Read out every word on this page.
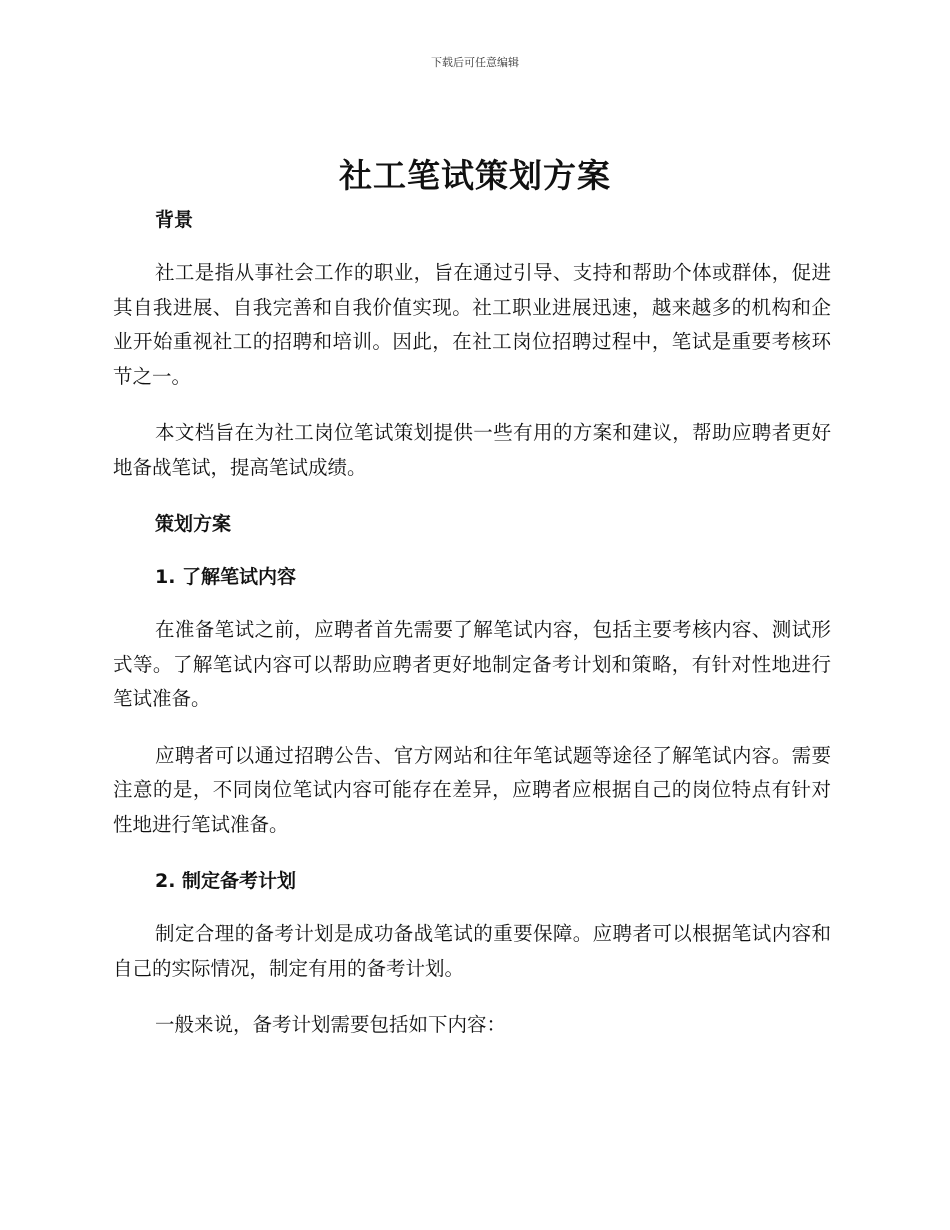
下载后可任意编辑
社工笔试策划方案

背景

社工是指从事社会工作的职业，旨在通过引导、支持和帮助个体或群体，促进其自我进展、自我完善和自我价值实现。社工职业进展迅速，越来越多的机构和企业开始重视社工的招聘和培训。因此，在社工岗位招聘过程中，笔试是重要考核环节之一。

本文档旨在为社工岗位笔试策划提供一些有用的方案和建议，帮助应聘者更好地备战笔试，提高笔试成绩。

策划方案

1. 了解笔试内容

在准备笔试之前，应聘者首先需要了解笔试内容，包括主要考核内容、测试形式等。了解笔试内容可以帮助应聘者更好地制定备考计划和策略，有针对性地进行笔试准备。

应聘者可以通过招聘公告、官方网站和往年笔试题等途径了解笔试内容。需要注意的是，不同岗位笔试内容可能存在差异，应聘者应根据自己的岗位特点有针对性地进行笔试准备。

2. 制定备考计划

制定合理的备考计划是成功备战笔试的重要保障。应聘者可以根据笔试内容和自己的实际情况，制定有用的备考计划。

一般来说，备考计划需要包括如下内容：
